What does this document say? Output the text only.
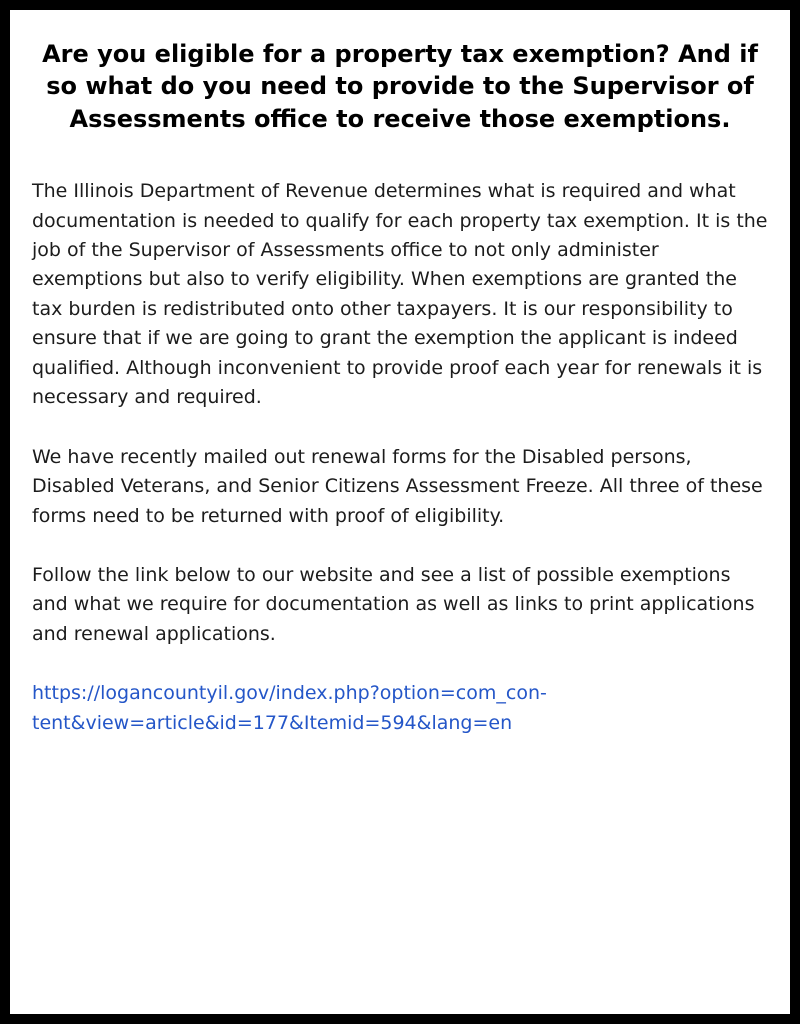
Are you eligible for a property tax exemption? And if so what do you need to provide to the Supervisor of Assessments office to receive those exemptions.

The Illinois Department of Revenue determines what is required and what documentation is needed to qualify for each property tax exemption. It is the job of the Supervisor of Assessments office to not only administer exemptions but also to verify eligibility. When exemptions are granted the tax burden is redistributed onto other taxpayers. It is our responsibility to ensure that if we are going to grant the exemption the applicant is indeed qualified. Although inconvenient to provide proof each year for renewals it is necessary and required.

We have recently mailed out renewal forms for the Disabled persons, Disabled Veterans, and Senior Citizens Assessment Freeze. All three of these forms need to be returned with proof of eligibility.

Follow the link below to our website and see a list of possible exemptions and what we require for documentation as well as links to print applications and renewal applications.

https://logancountyil.gov/index.php?option=com_con-
tent&view=article&id=177&Itemid=594&lang=en
